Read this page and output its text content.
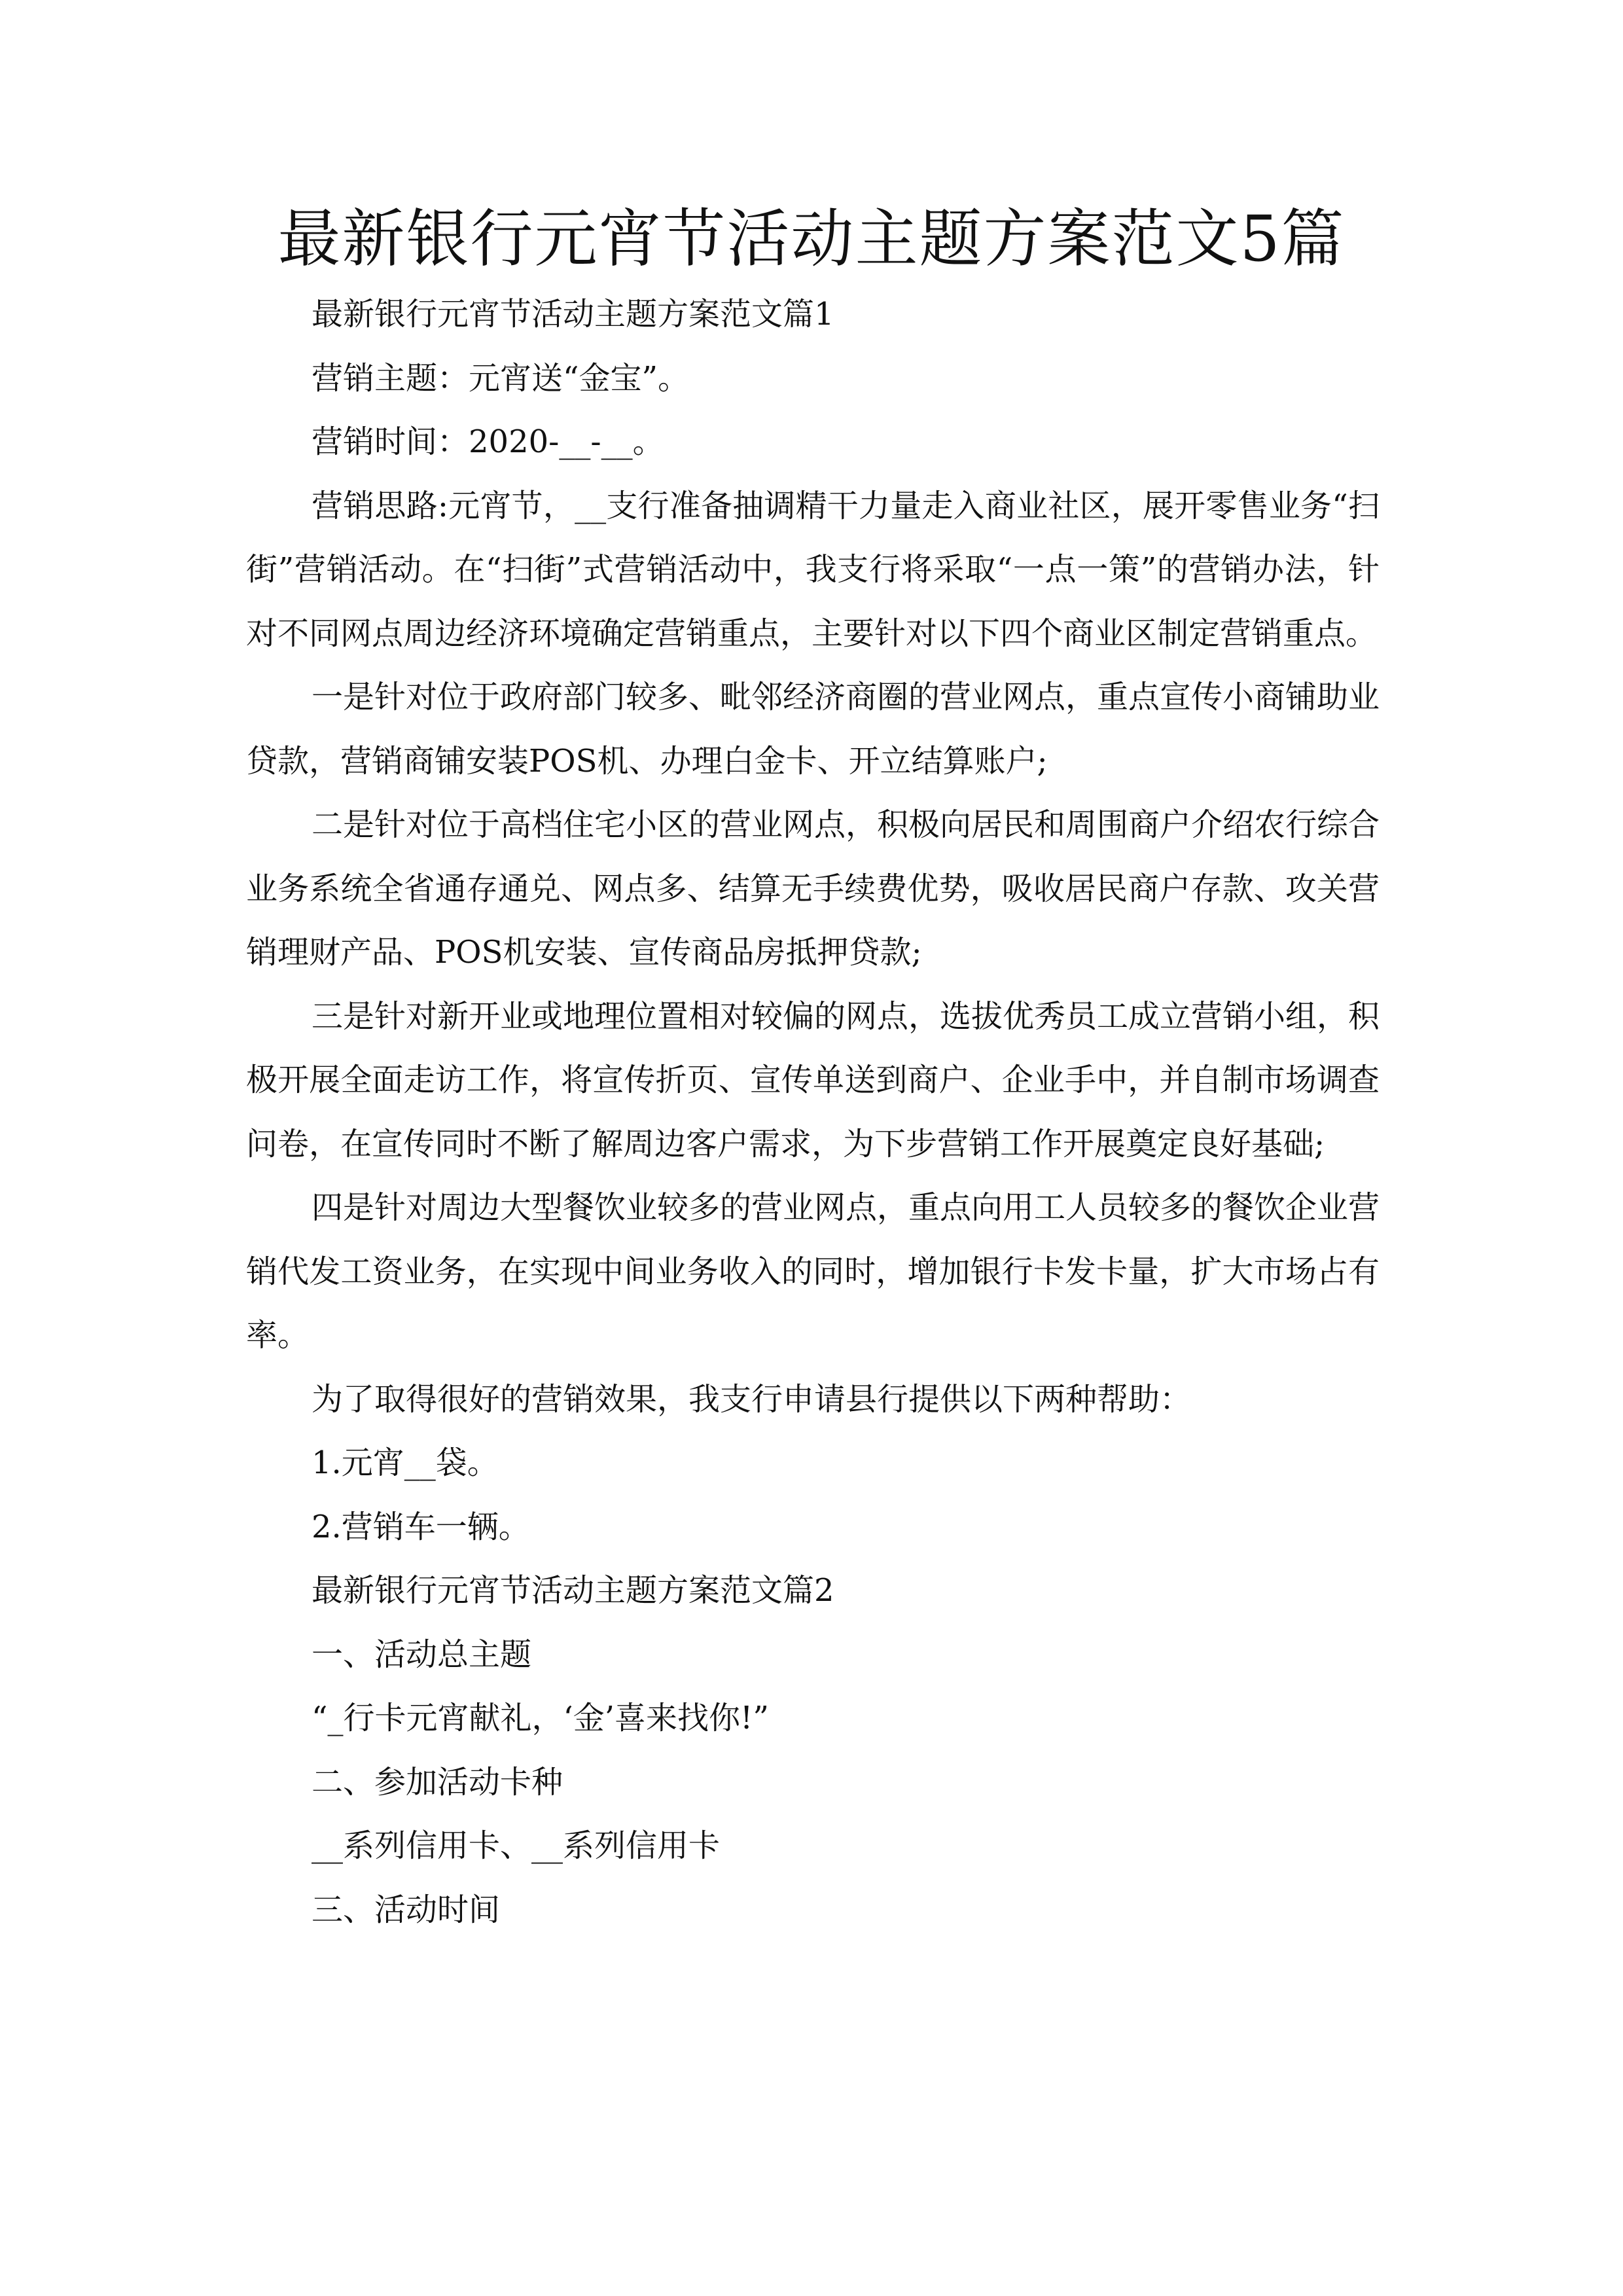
最新银行元宵节活动主题方案范文5篇

最新银行元宵节活动主题方案范文篇1

营销主题：元宵送“金宝”。

营销时间：2020-__-__。

营销思路:元宵节，__支行准备抽调精干力量走入商业社区，展开零售业务“扫街”营销活动。在“扫街”式营销活动中，我支行将采取“一点一策”的营销办法，针对不同网点周边经济环境确定营销重点，主要针对以下四个商业区制定营销重点。

一是针对位于政府部门较多、毗邻经济商圈的营业网点，重点宣传小商铺助业贷款，营销商铺安装POS机、办理白金卡、开立结算账户;

二是针对位于高档住宅小区的营业网点，积极向居民和周围商户介绍农行综合业务系统全省通存通兑、网点多、结算无手续费优势，吸收居民商户存款、攻关营销理财产品、POS机安装、宣传商品房抵押贷款;

三是针对新开业或地理位置相对较偏的网点，选拔优秀员工成立营销小组，积极开展全面走访工作，将宣传折页、宣传单送到商户、企业手中，并自制市场调查问卷，在宣传同时不断了解周边客户需求，为下步营销工作开展奠定良好基础;

四是针对周边大型餐饮业较多的营业网点，重点向用工人员较多的餐饮企业营销代发工资业务，在实现中间业务收入的同时，增加银行卡发卡量，扩大市场占有率。

为了取得很好的营销效果，我支行申请县行提供以下两种帮助：

1.元宵__袋。

2.营销车一辆。

最新银行元宵节活动主题方案范文篇2

一、活动总主题

“_行卡元宵献礼，‘金’喜来找你!”

二、参加活动卡种

__系列信用卡、__系列信用卡

三、活动时间
